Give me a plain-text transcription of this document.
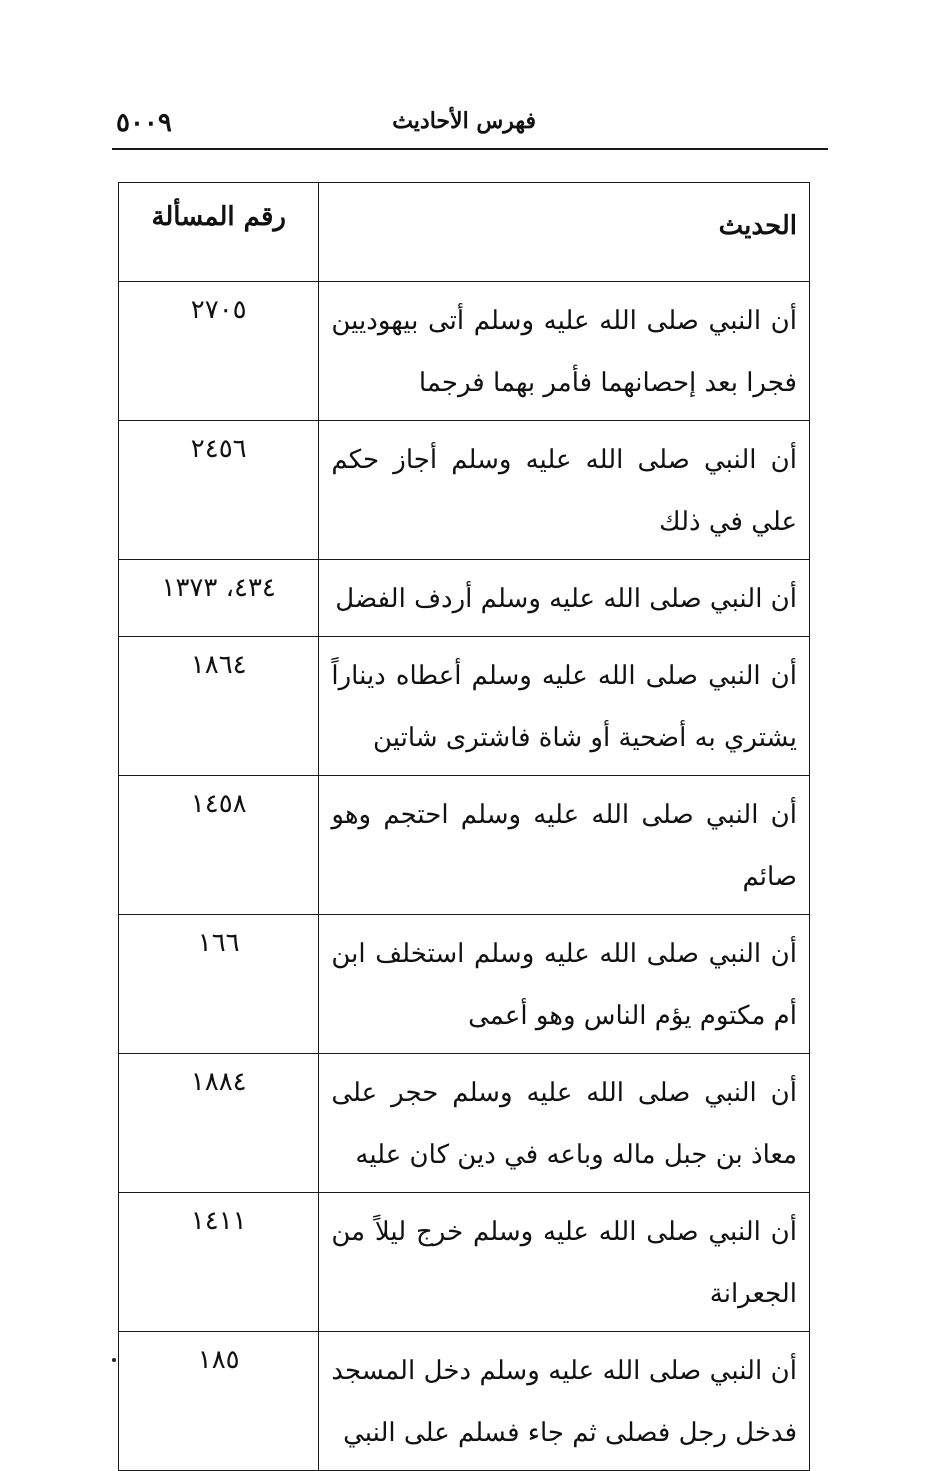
٥٠٠٩	فهرس الأحاديث
الحديث	رقم المسألة
أن النبي صلى الله عليه وسلم أتى بيهوديين فجرا بعد إحصانهما فأمر بهما فرجما	٢٧٠٥
أن النبي صلى الله عليه وسلم أجاز حكم علي في ذلك	٢٤٥٦
أن النبي صلى الله عليه وسلم أردف الفضل	٤٣٤، ١٣٧٣
أن النبي صلى الله عليه وسلم أعطاه ديناراً يشتري به أضحية أو شاة فاشترى شاتين	١٨٦٤
أن النبي صلى الله عليه وسلم احتجم وهو صائم	١٤٥٨
أن النبي صلى الله عليه وسلم استخلف ابن أم مكتوم يؤم الناس وهو أعمى	١٦٦
أن النبي صلى الله عليه وسلم حجر على معاذ بن جبل ماله وباعه في دين كان عليه	١٨٨٤
أن النبي صلى الله عليه وسلم خرج ليلاً من الجعرانة	١٤١١
أن النبي صلى الله عليه وسلم دخل المسجد فدخل رجل فصلى ثم جاء فسلم على النبي	١٨٥
